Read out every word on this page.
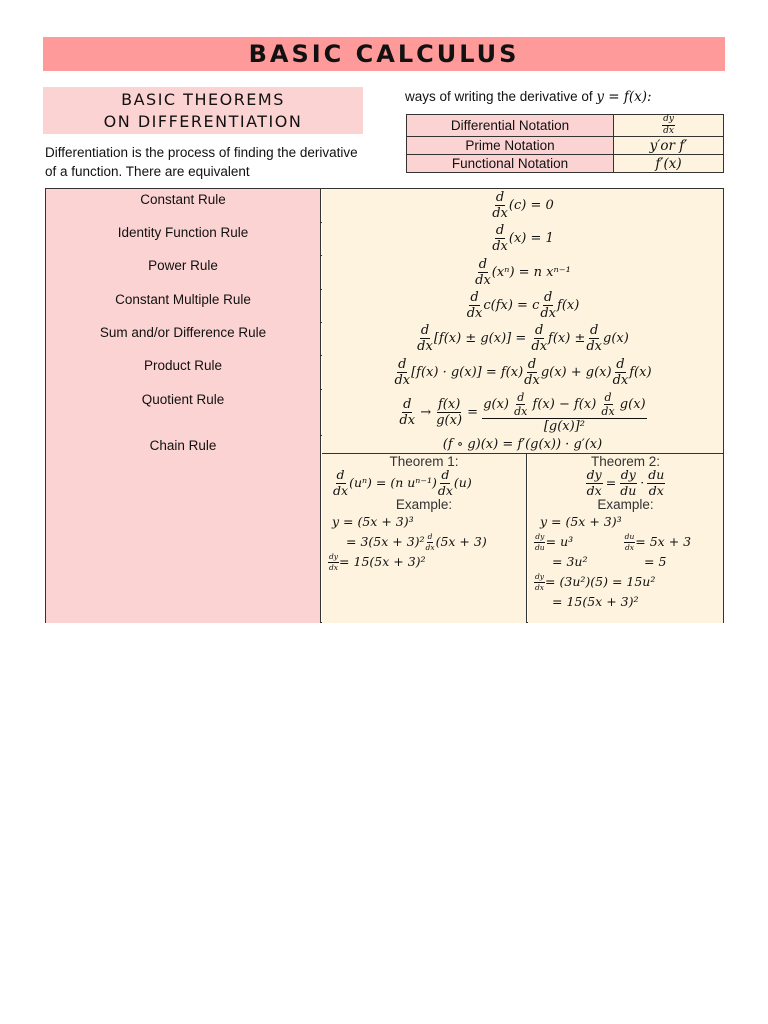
BASIC CALCULUS
BASIC THEOREMS
ON DIFFERENTIATION
Differentiation is the process of finding the derivative of a function. There are equivalent
ways of writing the derivative of y = f(x):
Differential Notation	$\frac{dy}{dx}$

Prime Notation	y′or f′
Functional Notation	f′(x)
Constant Rule	$\frac{d}{dx} (c) = 0$
Identity Function Rule	$\frac{d}{dx} (x) = 1$
Power Rule	$\frac{d}{dx} (x^n) = n$ xⁿ⁻¹
Constant Multiple Rule	$\frac{d}{dx} c(fx) = c \frac{d}{dx} f(x)$
Sum and/or Difference Rule	$\frac{d}{dx} [f(x) \pm g(x)]$ =
$\frac{d}{dx} f(x) \pm \frac{d}{dx} g(x)$
Product Rule	$\frac{d}{dx} [f(x) \cdot g(x)] = f(x) \frac{d}{dx} g(x) + g(x) \frac{d}{dx} f(x)$
Quotient Rule	$\frac{d}{dx} \to \frac{f(x)}{g(x)}$ =
$g(x) \frac{d}{dx} f(x) - f(x) \frac{d}{dx} g(x)$
[g(x)]²
Chain Rule	(f ∘ g)(x) = f′(g(x)) · g′(x)
Theorem 1:
$\frac{d}{dx} (u^n) = (n$ $u^{n-1}) \frac{d}{dx} (u)$
Example:
y = (5x + 3)³
= $3(5x + 3)^2 \frac{d}{dx} (5x + 3)$
$\frac{dy}{dx} = 15(5x + 3)^2$
Theorem 2:
$\frac{dy}{dx} = \frac{dy}{du} \cdot \frac{du}{dx}$
Example:
y = (5x + 3)³
$\frac{dy}{du} = u^3$	$\frac{du}{dx} = 5x + 3$
= 3u²	= 5
$\frac{dy}{dx} = (3u^2)(5) = 15u^2$
= 15(5x + 3)²
